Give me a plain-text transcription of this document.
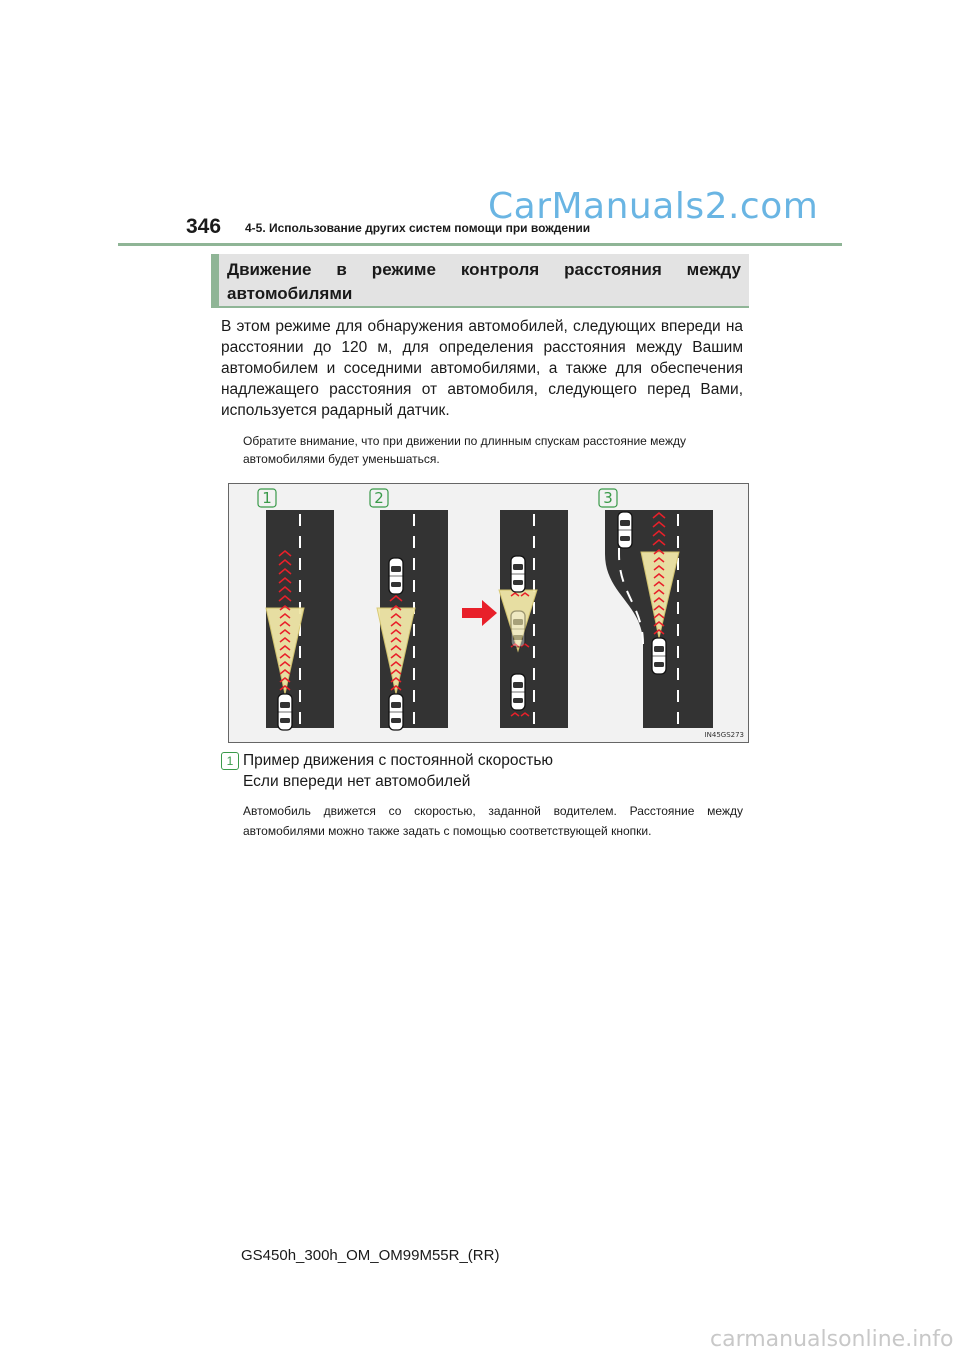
CarManuals2.com
346 4-5. Использование других систем помощи при вождении
Движение в режиме контроля расстояния между автомобилями

В этом режиме для обнаружения автомобилей, следующих впереди на расстоянии до 120 м, для определения расстояния между Вашим автомобилем и соседними автомобилями, а также для обеспечения надлежащего расстояния от автомобиля, следующего перед Вами, используется радарный датчик.

Обратите внимание, что при движении по длинным спускам расстояние между автомобилями будет уменьшаться.

1	2	3
IN45GS273
1 Пример движения с постоянной скоростью
Если впереди нет автомобилей

Автомобиль движется со скоростью, заданной водителем. Расстояние между автомобилями можно также задать с помощью соответствующей кнопки.

GS450h_300h_OM_OM99M55R_(RR)
carmanualsonline.info
